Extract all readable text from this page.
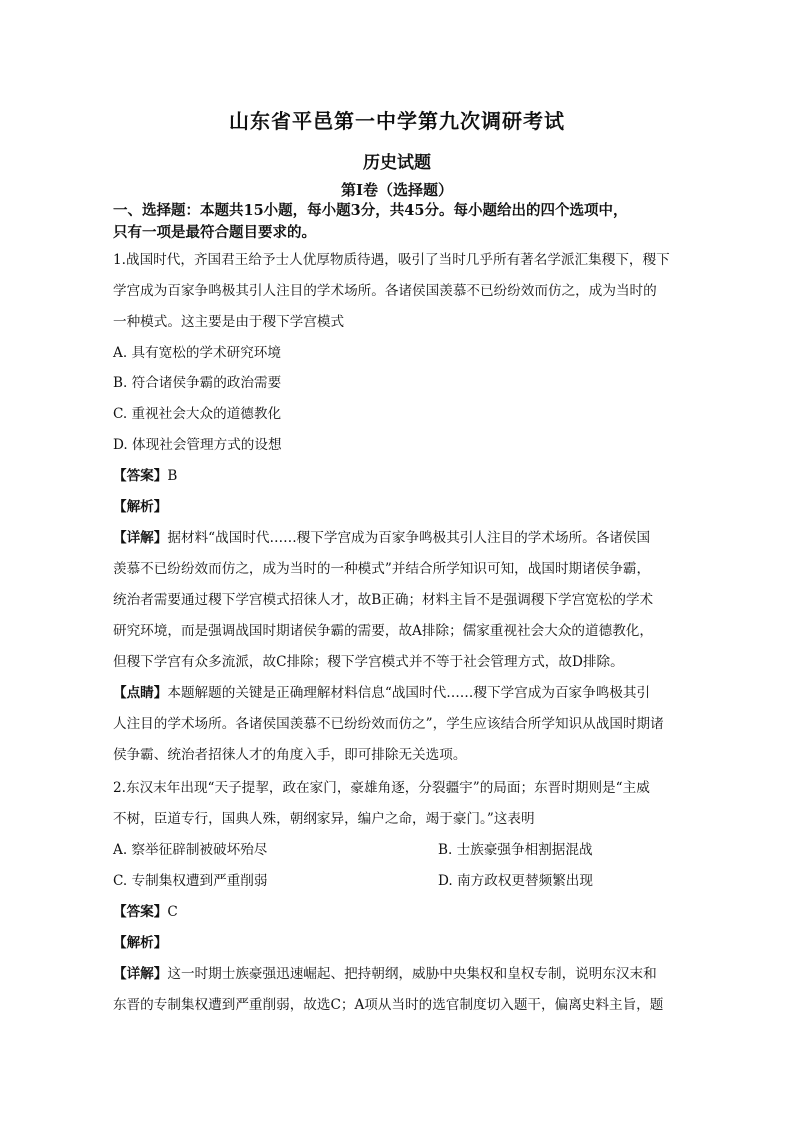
山东省平邑第一中学第九次调研考试
历史试题
第I卷（选择题）
一、选择题：本题共15小题，每小题3分，共45分。每小题给出的四个选项中，
只有一项是最符合题目要求的。
1.战国时代，齐国君王给予士人优厚物质待遇，吸引了当时几乎所有著名学派汇集稷下，稷下
学宫成为百家争鸣极其引人注目的学术场所。各诸侯国羡慕不已纷纷效而仿之，成为当时的
一种模式。这主要是由于稷下学宫模式
A. 具有宽松的学术研究环境
B. 符合诸侯争霸的政治需要
C. 重视社会大众的道德教化
D. 体现社会管理方式的设想
【答案】B
【解析】
【详解】据材料“战国时代……稷下学宫成为百家争鸣极其引人注目的学术场所。各诸侯国
羡慕不已纷纷效而仿之，成为当时的一种模式”并结合所学知识可知，战国时期诸侯争霸，
统治者需要通过稷下学宫模式招徕人才，故B正确；材料主旨不是强调稷下学宫宽松的学术
研究环境，而是强调战国时期诸侯争霸的需要，故A排除；儒家重视社会大众的道德教化，
但稷下学宫有众多流派，故C排除；稷下学宫模式并不等于社会管理方式，故D排除。
【点睛】本题解题的关键是正确理解材料信息“战国时代……稷下学宫成为百家争鸣极其引
人注目的学术场所。各诸侯国羡慕不已纷纷效而仿之”，学生应该结合所学知识从战国时期诸
侯争霸、统治者招徕人才的角度入手，即可排除无关选项。
2.东汉末年出现“天子提挈，政在家门，豪雄角逐，分裂疆宇”的局面；东晋时期则是“主威
不树，臣道专行，国典人殊，朝纲家异，编户之命，竭于豪门。”这表明
A. 察举征辟制被破坏殆尽	B. 士族豪强争相割据混战
C. 专制集权遭到严重削弱	D. 南方政权更替频繁出现
【答案】C
【解析】
【详解】这一时期士族豪强迅速崛起、把持朝纲，威胁中央集权和皇权专制，说明东汉末和
东晋的专制集权遭到严重削弱，故选C；A项从当时的选官制度切入题干，偏离史料主旨，题
